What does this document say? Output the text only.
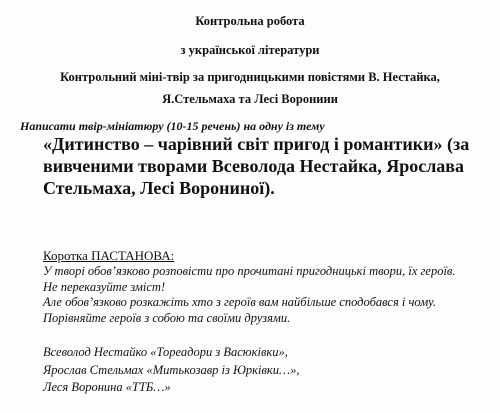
Контрольна робота
з української літератури
Контрольний міні-твір за пригодницькими повістями В. Нестайка,
Я.Стельмаха та Лесі Ворониии
Написати твір-мініатюру (10-15 речень) на одну із тему
«Дитинство – чарівний світ пригод і романтики» (за
вивченими творами Всеволода Нестайка, Ярослава
Стельмаха, Лесі Ворониної).
Коротка ПАСТАНОВА:
У творі обов’язково розповісти про прочитані пригодницькі твори, їх героїв.
Не переказуйте зміст!
Але обов’язково розкажіть хто з героїв вам найбільше сподобався і чому.
Порівняйте героїв з собою та своїми друзями.
Всеволод Нестайко «Тореадори з Васюківки»,
Ярослав Стельмах «Митькозавр із Юрківки…»,
Леся Воронина «ТТБ…»
